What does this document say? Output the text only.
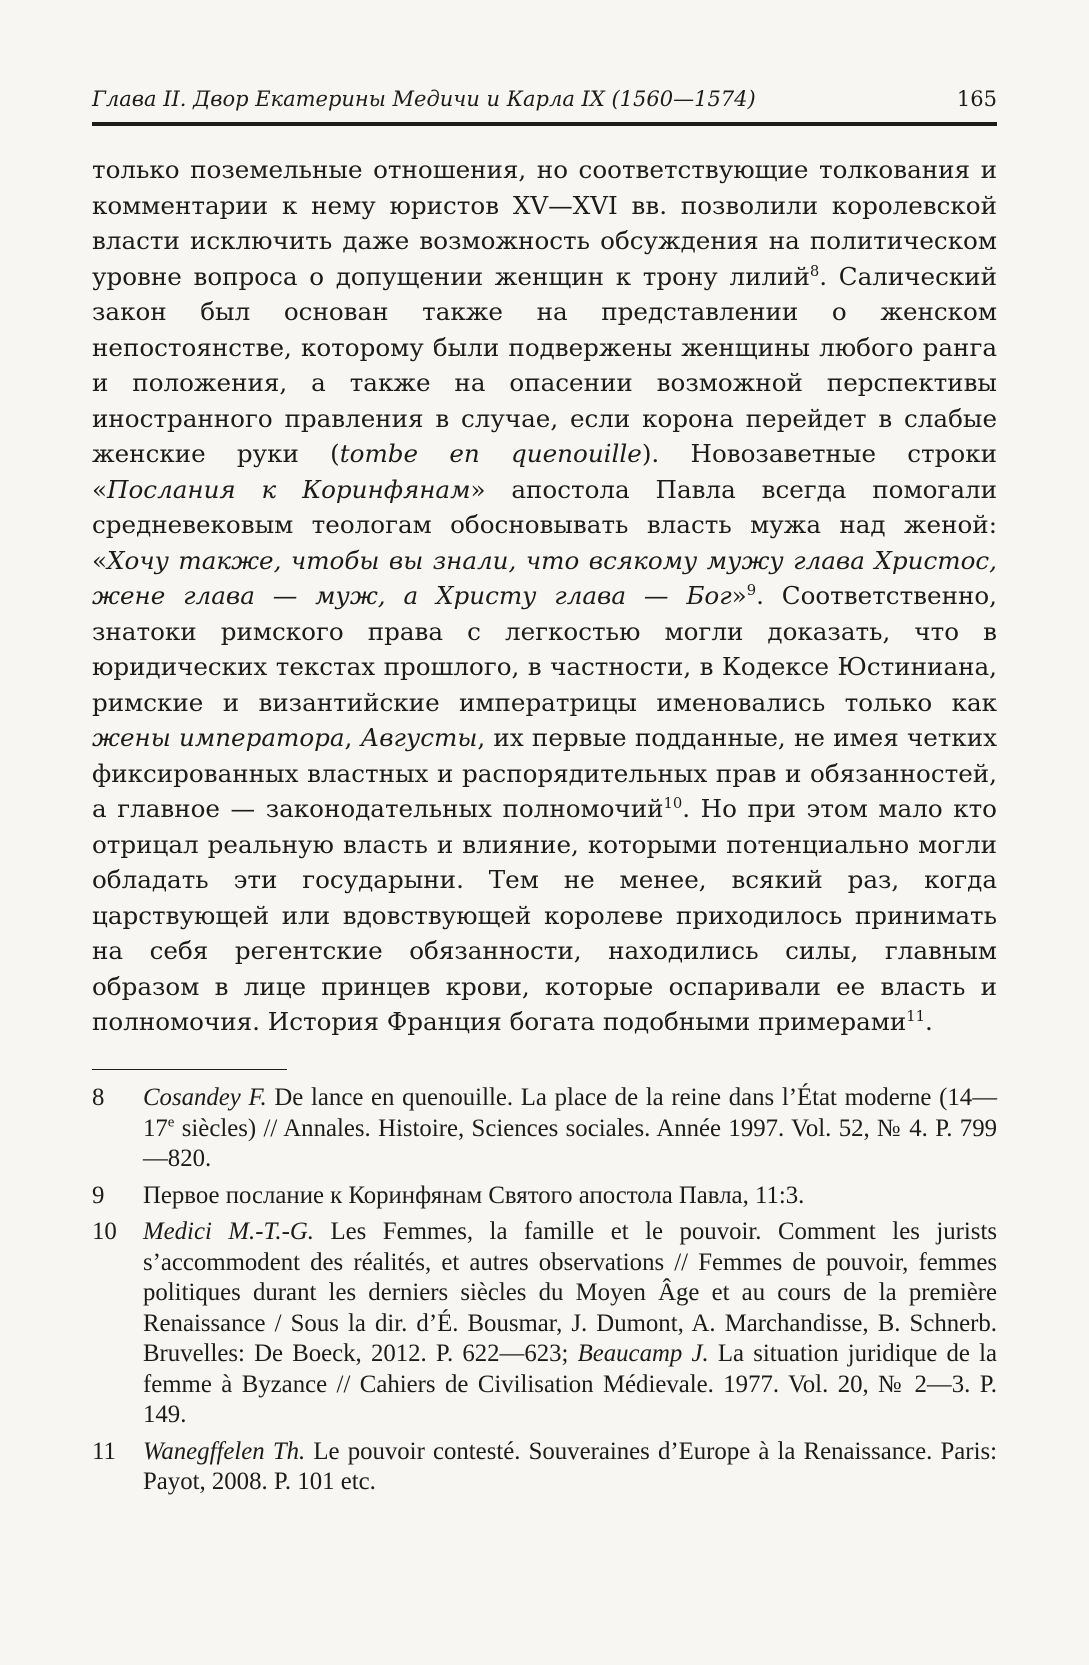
Глава II. Двор Екатерины Медичи и Карла IX (1560—1574)	165

только поземельные отношения, но соответствующие толкования и комментарии к нему юристов XV—XVI вв. позволили королевской власти исключить даже возможность обсуждения на политическом уровне вопроса о допущении женщин к трону лилий$^8$. Салический закон был основан также на представлении о женском непостоянстве, которому были подвержены женщины любого ранга и положения, а также на опасении возможной перспективы иностранного правления в случае, если корона перейдет в слабые женские руки (tombe en quenouille). Новозаветные строки «Послания к Коринфянам» апостола Павла всегда помогали средневековым теологам обосновывать власть мужа над женой: «Хочу также, чтобы вы знали, что всякому мужу глава Христос, жене глава — муж, а Христу глава — Бог»$^9$. Соответственно, знатоки римского права с легкостью могли доказать, что в юридических текстах прошлого, в частности, в Кодексе Юстиниана, римские и византийские императрицы именовались только как жены императора, Августы, их первые подданные, не имея четких фиксированных властных и распорядительных прав и обязанностей, а главное — законодательных полномочий$^{10}$. Но при этом мало кто отрицал реальную власть и влияние, которыми потенциально могли обладать эти государыни. Тем не менее, всякий раз, когда царствующей или вдовствующей королеве приходилось принимать на себя регентские обязанности, находились силы, главным образом в лице принцев крови, которые оспаривали ее власть и полномочия. История Франция богата подобными примерами$^{11}$.

8	Cosandey F. De lance en quenouille. La place de la reine dans l’État moderne (14—17e siècles) // Annales. Histoire, Sciences sociales. Année 1997. Vol. 52, № 4. P. 799—820.
9	Первое послание к Коринфянам Святого апостола Павла, 11:3.
10	Medici M.-T.-G. Les Femmes, la famille et le pouvoir. Comment les jurists s’accommodent des réalités, et autres observations // Femmes de pouvoir, femmes politiques durant les derniers siècles du Moyen Âge et au cours de la première Renaissance / Sous la dir. d’É. Bousmar, J. Dumont, A. Marchandisse, B. Schnerb. Bruvelles: De Boeck, 2012. P. 622—623; Beaucamp J. La situation juridique de la femme à Byzance // Cahiers de Civilisation Médievale. 1977. Vol. 20, № 2—3. P. 149.
11	Wanegffelen Th. Le pouvoir contesté. Souveraines d’Europe à la Renaissance. Paris: Payot, 2008. P. 101 etc.
